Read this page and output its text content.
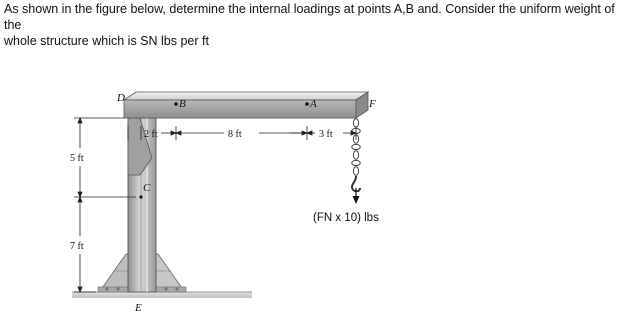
As shown in the figure below, determine the internal loadings at points A,B and. Consider the uniform weight of the
whole structure which is SN lbs per ft
D	B	A	F
C
E
2 ft	8 ft	3 ft
5 ft
7 ft
(FN x 10) lbs
